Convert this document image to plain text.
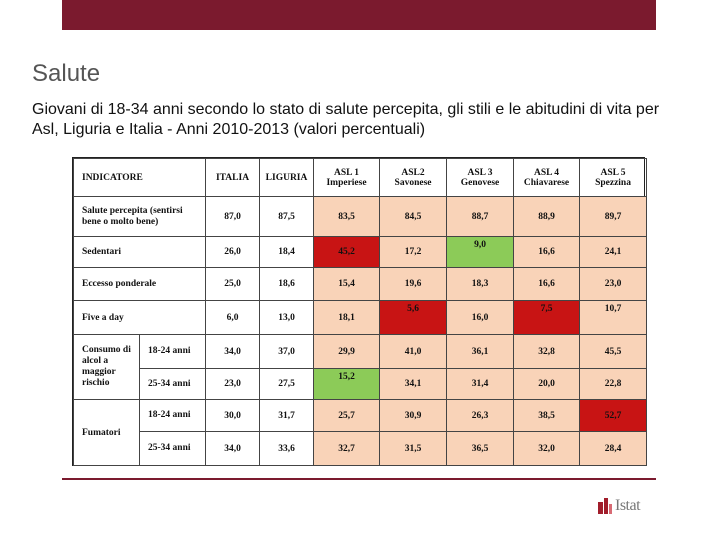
Salute

Giovani di 18-34 anni secondo lo stato di salute percepita, gli stili e le abitudini di vita per Asl, Liguria e Italia - Anni 2010-2013 (valori percentuali)

INDICATORE		ITALIA	LIGURIA	ASL 1 Imperiese	ASL2 Savonese	ASL 3 Genovese	ASL 4 Chiavarese	ASL 5 Spezzina
Salute percepita (sentirsi bene o molto bene)		87,0	87,5	83,5	84,5	88,7	88,9	89,7
Sedentari		26,0	18,4	45,2	17,2	9,0	16,6	24,1
Eccesso ponderale		25,0	18,6	15,4	19,6	18,3	16,6	23,0
Five a day		6,0	13,0	18,1	5,6	16,0	7,5	10,7
Consumo di alcol a maggior rischio	18-24 anni	34,0	37,0	29,9	41,0	36,1	32,8	45,5
	25-34 anni	23,0	27,5	15,2	34,1	31,4	20,0	22,8
Fumatori	18-24 anni	30,0	31,7	25,7	30,9	26,3	38,5	52,7
	25-34 anni	34,0	33,6	32,7	31,5	36,5	32,0	28,4
Istat
